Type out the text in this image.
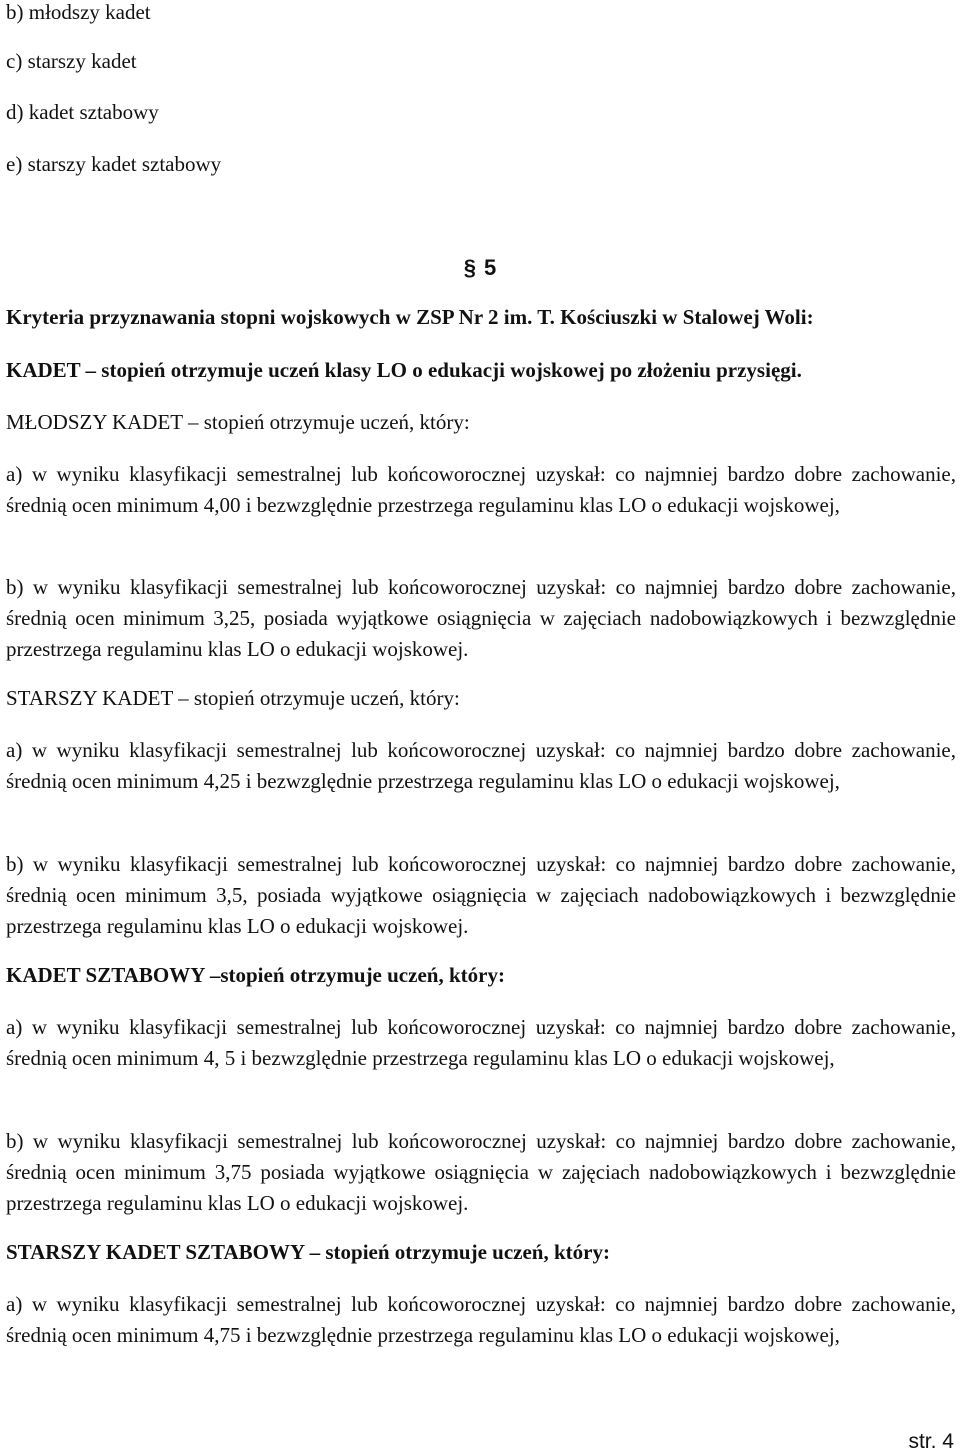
b) młodszy kadet
c) starszy kadet
d) kadet sztabowy
e) starszy kadet sztabowy
§ 5
Kryteria przyznawania stopni wojskowych w ZSP Nr 2 im. T. Kościuszki w Stalowej Woli:
KADET – stopień otrzymuje uczeń klasy LO o edukacji wojskowej po złożeniu przysięgi.
MŁODSZY KADET – stopień otrzymuje uczeń, który:
a) w wyniku klasyfikacji semestralnej lub końcoworocznej uzyskał: co najmniej bardzo dobre zachowanie, średnią ocen minimum 4,00 i bezwzględnie przestrzega regulaminu klas LO o edukacji wojskowej,
b) w wyniku klasyfikacji semestralnej lub końcoworocznej uzyskał: co najmniej bardzo dobre zachowanie, średnią ocen minimum 3,25, posiada wyjątkowe osiągnięcia w zajęciach nadobowiązkowych i bezwzględnie przestrzega regulaminu klas LO o edukacji wojskowej.
STARSZY KADET – stopień otrzymuje uczeń, który:
a) w wyniku klasyfikacji semestralnej lub końcoworocznej uzyskał: co najmniej bardzo dobre zachowanie, średnią ocen minimum 4,25 i bezwzględnie przestrzega regulaminu klas LO o edukacji wojskowej,
b) w wyniku klasyfikacji semestralnej lub końcoworocznej uzyskał: co najmniej bardzo dobre zachowanie, średnią ocen minimum 3,5, posiada wyjątkowe osiągnięcia w zajęciach nadobowiązkowych i bezwzględnie przestrzega regulaminu klas LO o edukacji wojskowej.
KADET SZTABOWY –stopień otrzymuje uczeń, który:
a) w wyniku klasyfikacji semestralnej lub końcoworocznej uzyskał: co najmniej bardzo dobre zachowanie, średnią ocen minimum 4, 5 i bezwzględnie przestrzega regulaminu klas LO o edukacji wojskowej,
b) w wyniku klasyfikacji semestralnej lub końcoworocznej uzyskał: co najmniej bardzo dobre zachowanie, średnią ocen minimum 3,75 posiada wyjątkowe osiągnięcia w zajęciach nadobowiązkowych i bezwzględnie przestrzega regulaminu klas LO o edukacji wojskowej.
STARSZY KADET SZTABOWY – stopień otrzymuje uczeń, który:
a) w wyniku klasyfikacji semestralnej lub końcoworocznej uzyskał: co najmniej bardzo dobre zachowanie, średnią ocen minimum 4,75 i bezwzględnie przestrzega regulaminu klas LO o edukacji wojskowej,
str. 4
